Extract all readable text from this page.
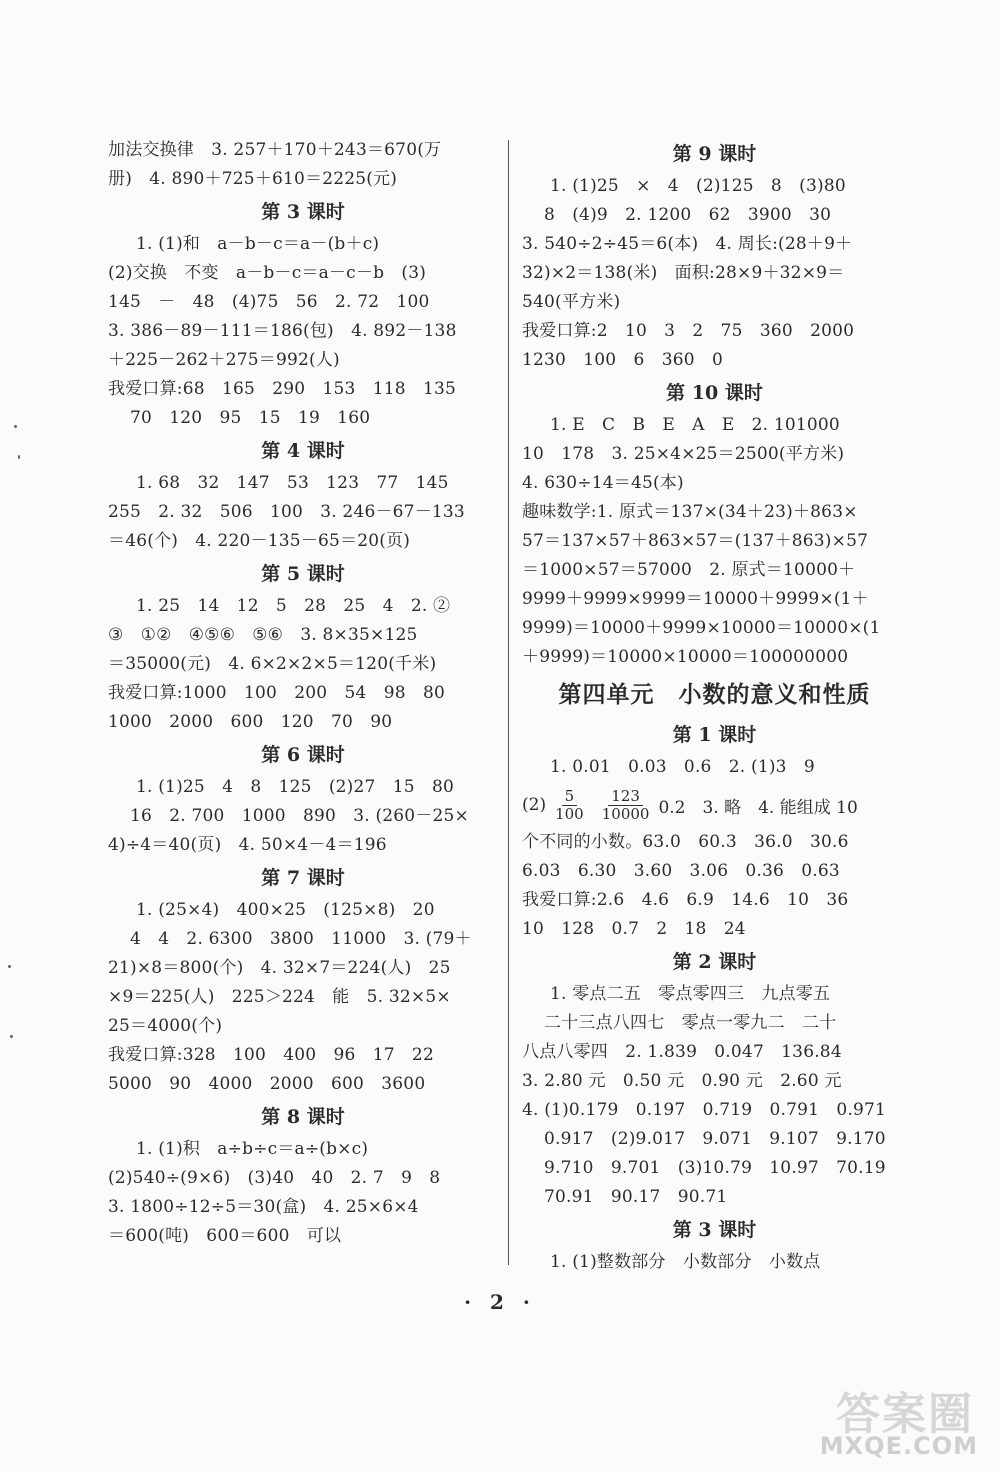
加法交换律　3. 257＋170＋243＝670(万
册)　4. 890＋725＋610＝2225(元)
第 3 课时
1. (1)和　a－b－c＝a－(b＋c)
(2)交换　不变　a－b－c＝a－c－b　(3)
145　－　48　(4)75　56　2. 72　100
3. 386－89－111＝186(包)　4. 892－138
＋225－262＋275＝992(人)
我爱口算:68　165　290　153　118　135
70　120　95　15　19　160
第 4 课时
1. 68　32　147　53　123　77　145
255　2. 32　506　100　3. 246－67－133
＝46(个)　4. 220－135－65＝20(页)
第 5 课时
1. 25　14　12　5　28　25　4　2. ②
③　①②　④⑤⑥　⑤⑥　3. 8×35×125
＝35000(元)　4. 6×2×2×5＝120(千米)
我爱口算:1000　100　200　54　98　80
1000　2000　600　120　70　90
第 6 课时
1. (1)25　4　8　125　(2)27　15　80
16　2. 700　1000　890　3. (260－25×
4)÷4＝40(页)　4. 50×4－4＝196
第 7 课时
1. (25×4)　400×25　(125×8)　20
4　4　2. 6300　3800　11000　3. (79＋
21)×8＝800(个)　4. 32×7＝224(人)　25
×9＝225(人)　225＞224　能　5. 32×5×
25＝4000(个)
我爱口算:328　100　400　96　17　22
5000　90　4000　2000　600　3600
第 8 课时
1. (1)积　a÷b÷c＝a÷(b×c)
(2)540÷(9×6)　(3)40　40　2. 7　9　8
3. 1800÷12÷5＝30(盒)　4. 25×6×4
＝600(吨)　600＝600　可以
第 9 课时
1. (1)25　×　4　(2)125　8　(3)80
8　(4)9　2. 1200　62　3900　30
3. 540÷2÷45＝6(本)　4. 周长:(28＋9＋
32)×2＝138(米)　面积:28×9＋32×9＝
540(平方米)
我爱口算:2　10　3　2　75　360　2000
1230　100　6　360　0
第 10 课时
1. E　C　B　E　A　E　2. 101000
10　178　3. 25×4×25＝2500(平方米)
4. 630÷14＝45(本)
趣味数学:1. 原式＝137×(34＋23)＋863×
57＝137×57＋863×57＝(137＋863)×57
＝1000×57＝57000　2. 原式＝10000＋
9999＋9999×9999＝10000＋9999×(1＋
9999)＝10000＋9999×10000＝10000×(1
＋9999)＝10000×10000＝100000000
第四单元　小数的意义和性质
第 1 课时
1. 0.01　0.03　0.6　2. (1)3　9
$(2) \frac{5}{100} \frac{123}{10000} 0.2$　3. 略　4. 能组成 10
个不同的小数。63.0　60.3　36.0　30.6
6.03　6.30　3.60　3.06　0.36　0.63
我爱口算:2.6　4.6　6.9　14.6　10　36
10　128　0.7　2　18　24
第 2 课时
1. 零点二五　零点零四三　九点零五
二十三点八四七　零点一零九二　二十
八点八零四　2. 1.839　0.047　136.84
3. 2.80 元　0.50 元　0.90 元　2.60 元
4. (1)0.179　0.197　0.719　0.791　0.971
0.917　(2)9.017　9.071　9.107　9.170
9.710　9.701　(3)10.79　10.97　70.19
70.91　90.17　90.71
第 3 课时
1. (1)整数部分　小数部分　小数点
· 2 ·
答案圈
MXQE.COM
